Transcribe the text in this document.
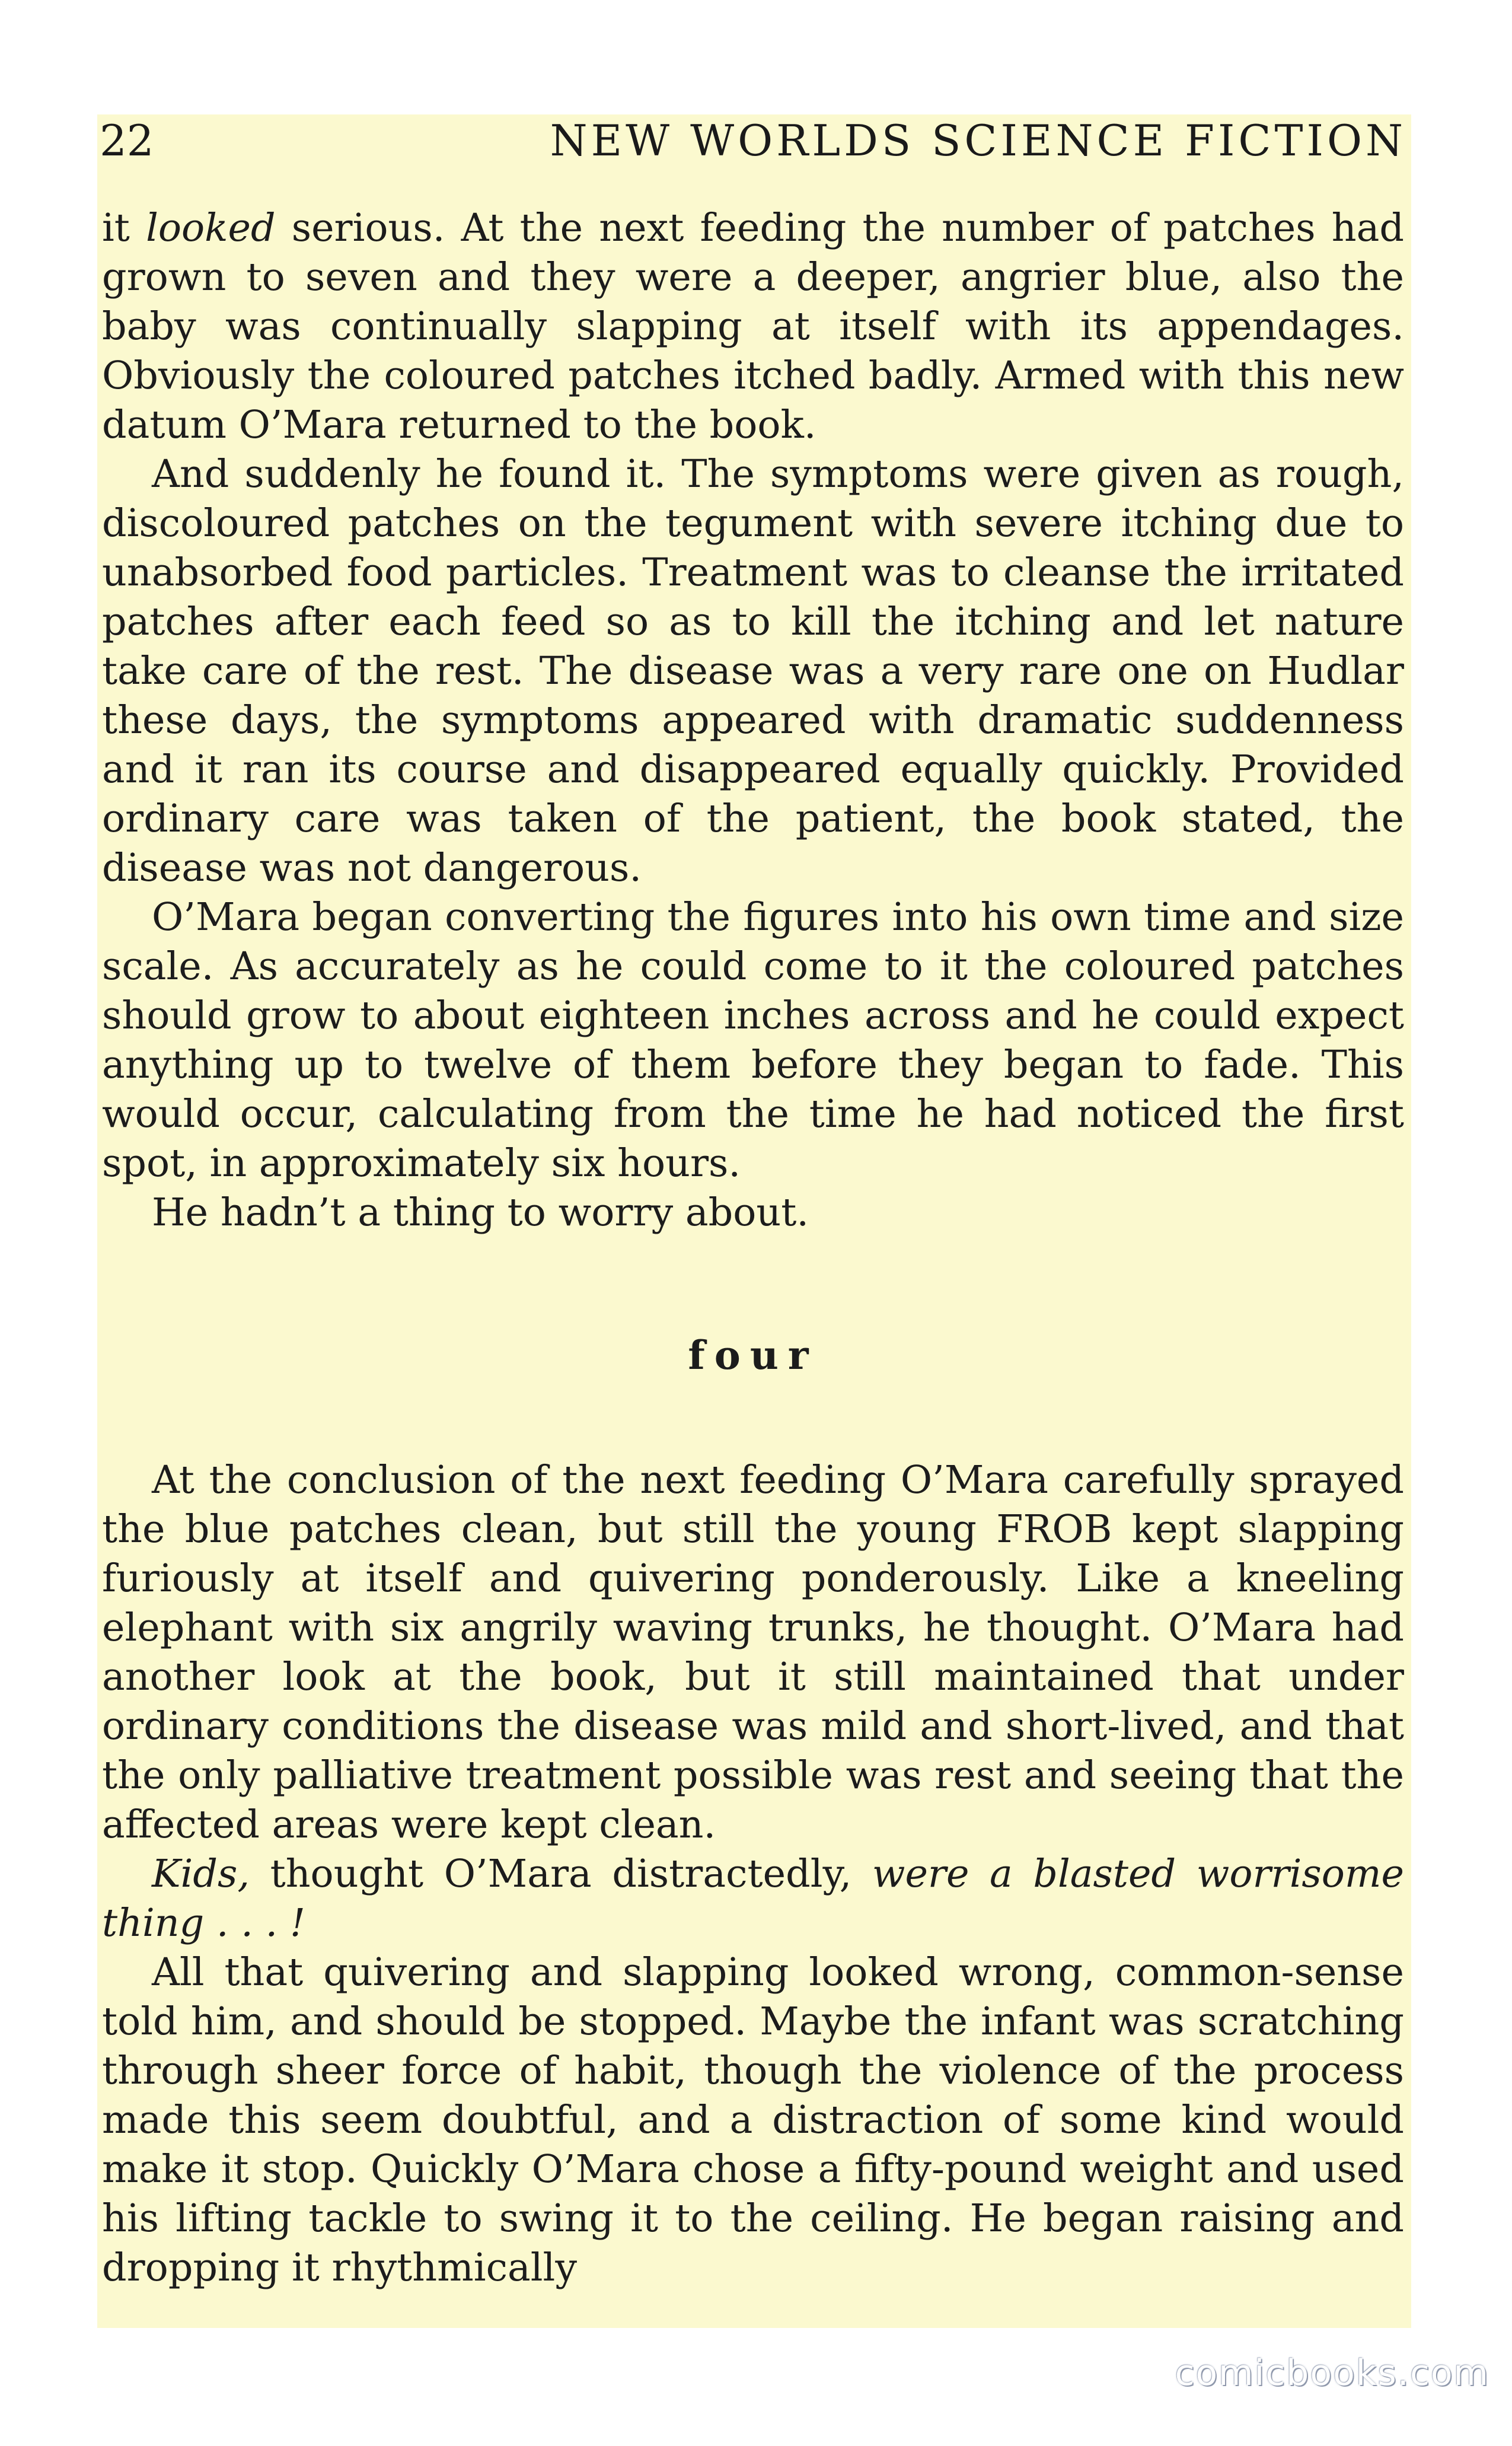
22	NEW WORLDS SCIENCE FICTION

it looked serious. At the next feeding the number of patches had grown to seven and they were a deeper, angrier blue, also the baby was continually slapping at itself with its appendages. Obviously the coloured patches itched badly. Armed with this new datum O’Mara returned to the book.

And suddenly he found it. The symptoms were given as rough, discoloured patches on the tegument with severe itching due to unabsorbed food particles. Treatment was to cleanse the irritated patches after each feed so as to kill the itching and let nature take care of the rest. The disease was a very rare one on Hudlar these days, the symptoms appeared with dramatic suddenness and it ran its course and disappeared equally quickly. Provided ordinary care was taken of the patient, the book stated, the disease was not dangerous.

O’Mara began converting the figures into his own time and size scale. As accurately as he could come to it the coloured patches should grow to about eighteen inches across and he could expect anything up to twelve of them before they began to fade. This would occur, calculating from the time he had noticed the first spot, in approximately six hours.

He hadn’t a thing to worry about.

four

At the conclusion of the next feeding O’Mara carefully sprayed the blue patches clean, but still the young FROB kept slapping furiously at itself and quivering ponderously. Like a kneeling elephant with six angrily waving trunks, he thought. O’Mara had another look at the book, but it still maintained that under ordinary conditions the disease was mild and short-lived, and that the only palliative treatment possible was rest and seeing that the affected areas were kept clean.

Kids, thought O’Mara distractedly, were a blasted worrisome thing . . . !

All that quivering and slapping looked wrong, common-sense told him, and should be stopped. Maybe the infant was scratching through sheer force of habit, though the violence of the process made this seem doubtful, and a distraction of some kind would make it stop. Quickly O’Mara chose a fifty-pound weight and used his lifting tackle to swing it to the ceiling. He began raising and dropping it rhythmically

comicbooks.com
